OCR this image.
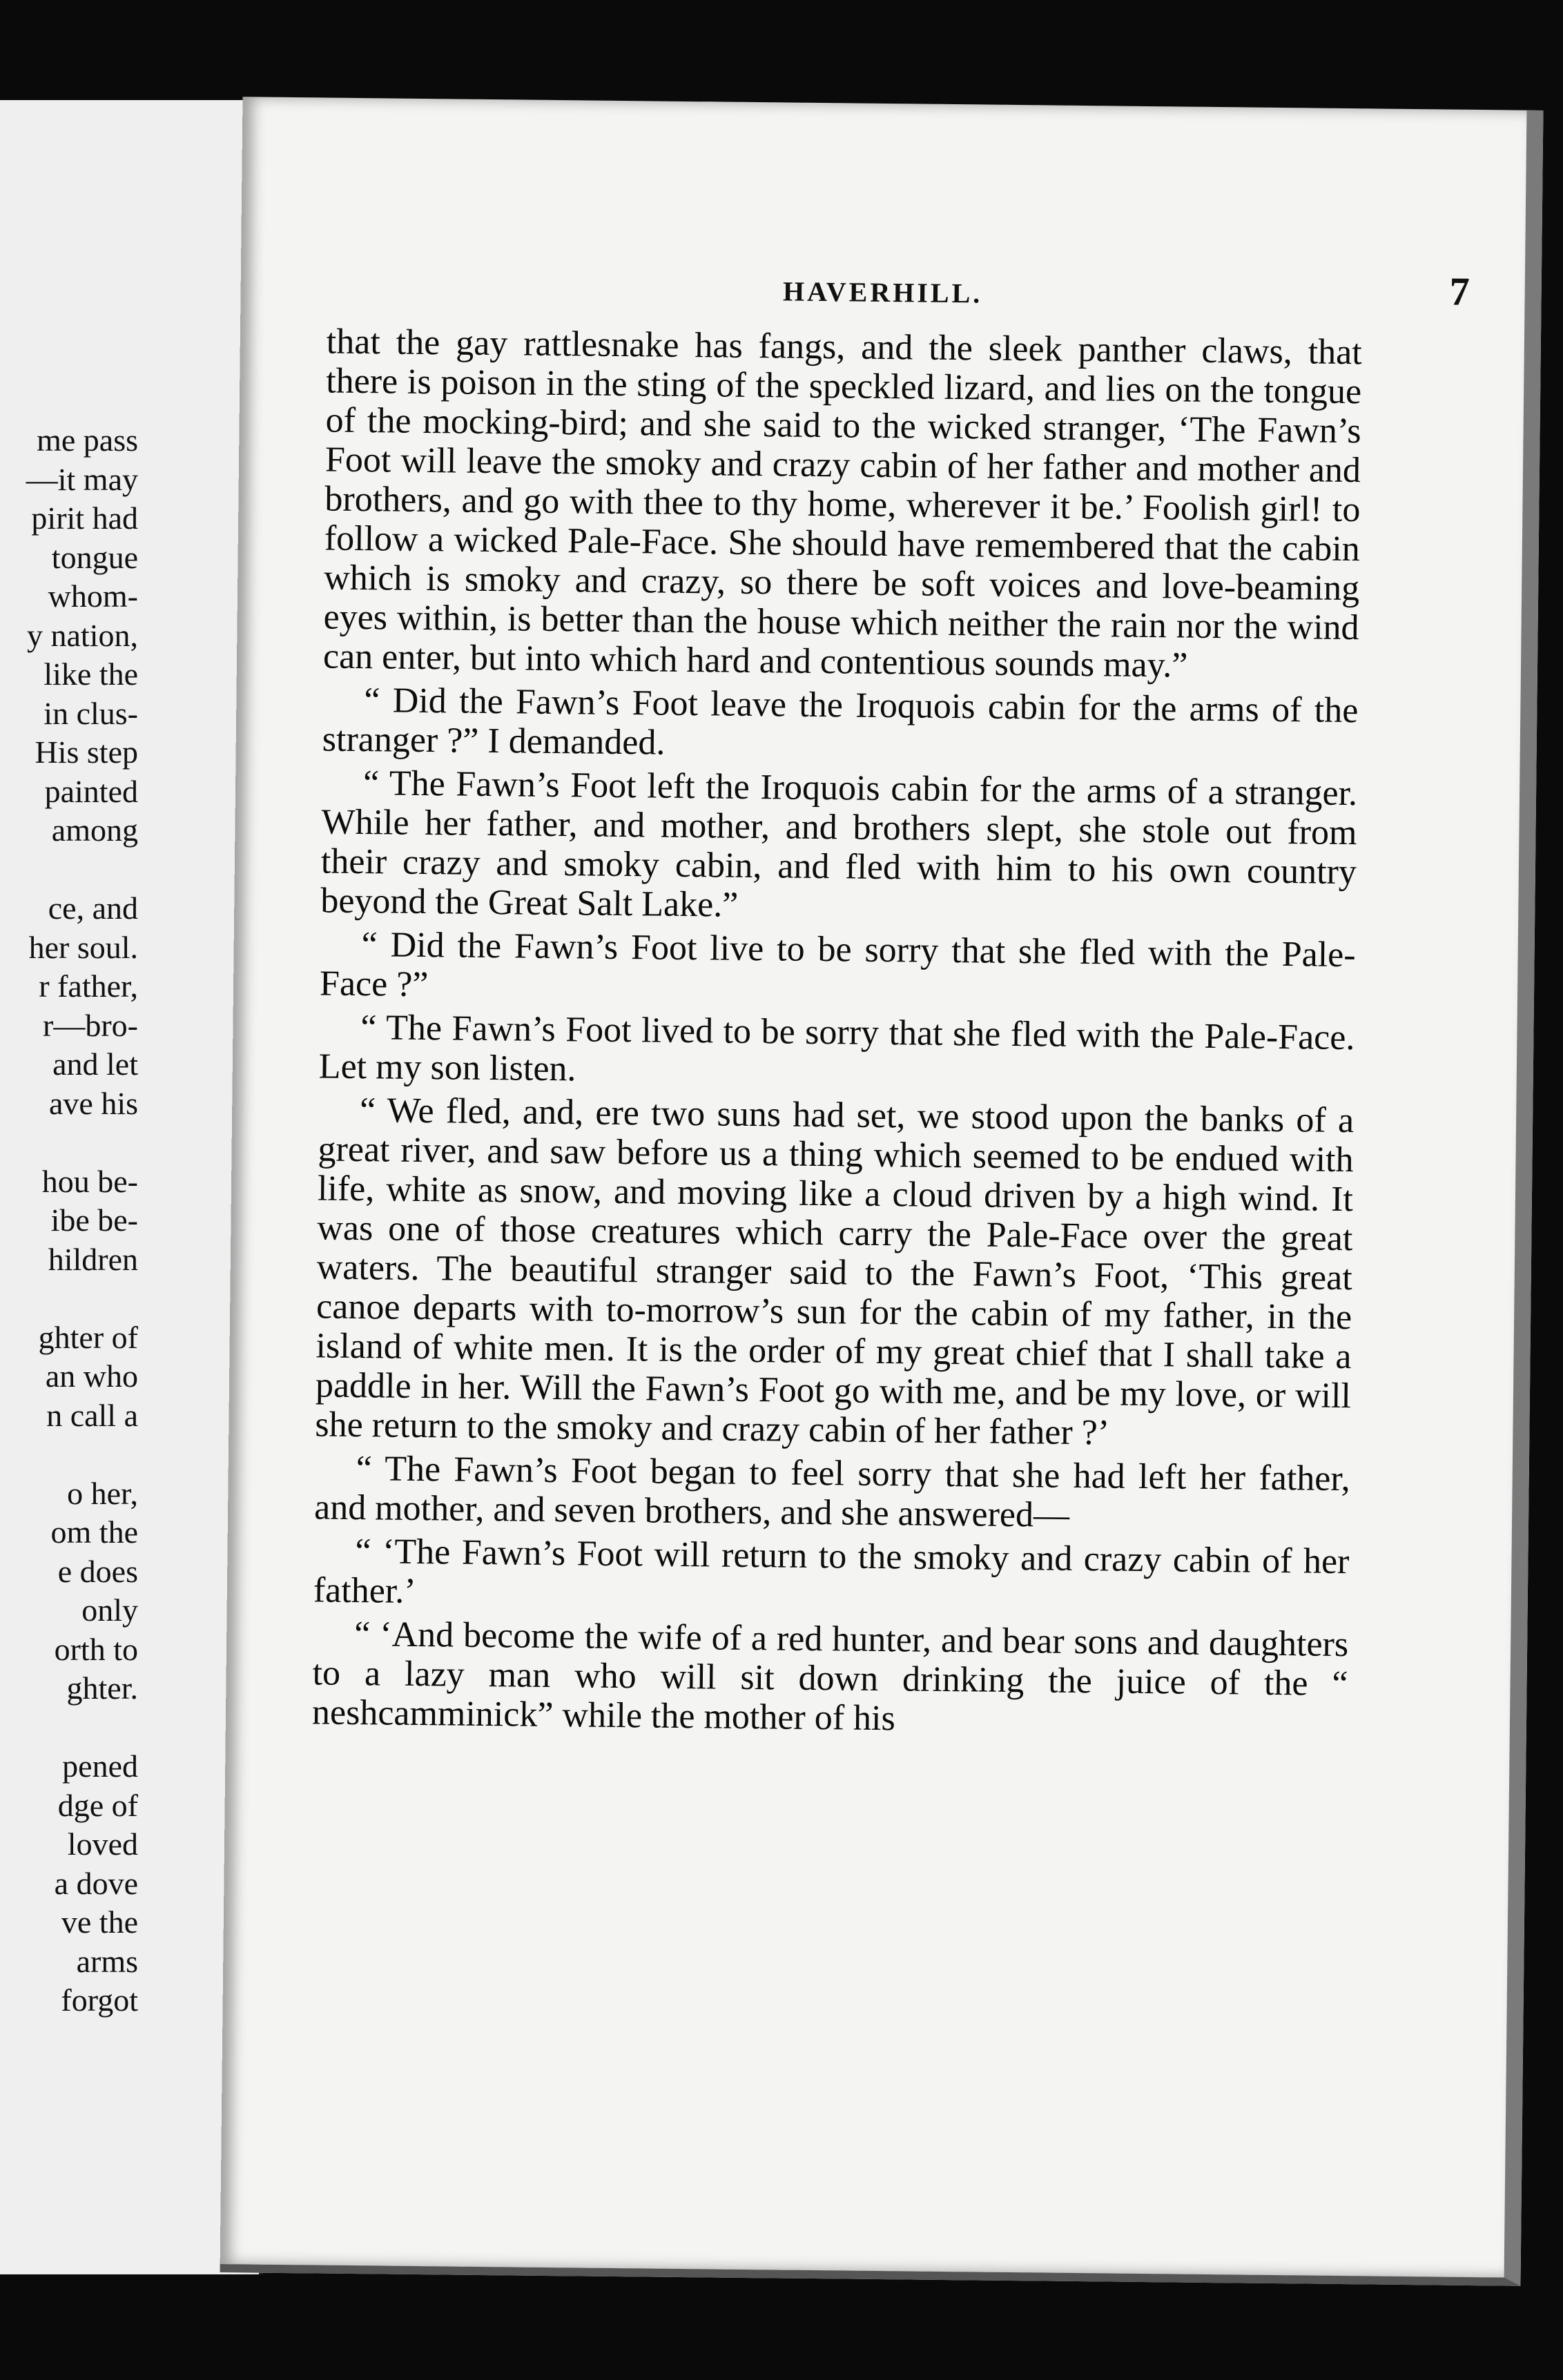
me pass
—it may
pirit had
tongue
whom-
y nation,
like the
in clus-
His step
painted
among
ce, and
her soul.
r father,
r—bro-
and let
ave his
hou be-
ibe be-
hildren
ghter of
an who
n call a
o her,
om the
e does
only
orth to
ghter.
pened
dge of
loved
a dove
ve the
arms
forgot
HAVERHILL.	7

that the gay rattlesnake has fangs, and the sleek panther claws, that there is poison in the sting of the speckled lizard, and lies on the tongue of the mocking-bird; and she said to the wicked stranger, ‘The Fawn’s Foot will leave the smoky and crazy cabin of her father and mother and brothers, and go with thee to thy home, wherever it be.’ Foolish girl! to follow a wicked Pale-Face. She should have remembered that the cabin which is smoky and crazy, so there be soft voices and love-beaming eyes within, is better than the house which neither the rain nor the wind can enter, but into which hard and contentious sounds may.”

“ Did the Fawn’s Foot leave the Iroquois cabin for the arms of the stranger ?” I demanded.

“ The Fawn’s Foot left the Iroquois cabin for the arms of a stranger. While her father, and mother, and brothers slept, she stole out from their crazy and smoky cabin, and fled with him to his own country beyond the Great Salt Lake.”

“ Did the Fawn’s Foot live to be sorry that she fled with the Pale-Face ?”

“ The Fawn’s Foot lived to be sorry that she fled with the Pale-Face. Let my son listen.

“ We fled, and, ere two suns had set, we stood upon the banks of a great river, and saw before us a thing which seemed to be endued with life, white as snow, and moving like a cloud driven by a high wind. It was one of those creatures which carry the Pale-Face over the great waters. The beautiful stranger said to the Fawn’s Foot, ‘This great canoe departs with to-morrow’s sun for the cabin of my father, in the island of white men. It is the order of my great chief that I shall take a paddle in her. Will the Fawn’s Foot go with me, and be my love, or will she return to the smoky and crazy cabin of her father ?’

“ The Fawn’s Foot began to feel sorry that she had left her father, and mother, and seven brothers, and she answered—

“ ‘The Fawn’s Foot will return to the smoky and crazy cabin of her father.’

“ ‘And become the wife of a red hunter, and bear sons and daughters to a lazy man who will sit down drinking the juice of the “ neshcamminick” while the mother of his
